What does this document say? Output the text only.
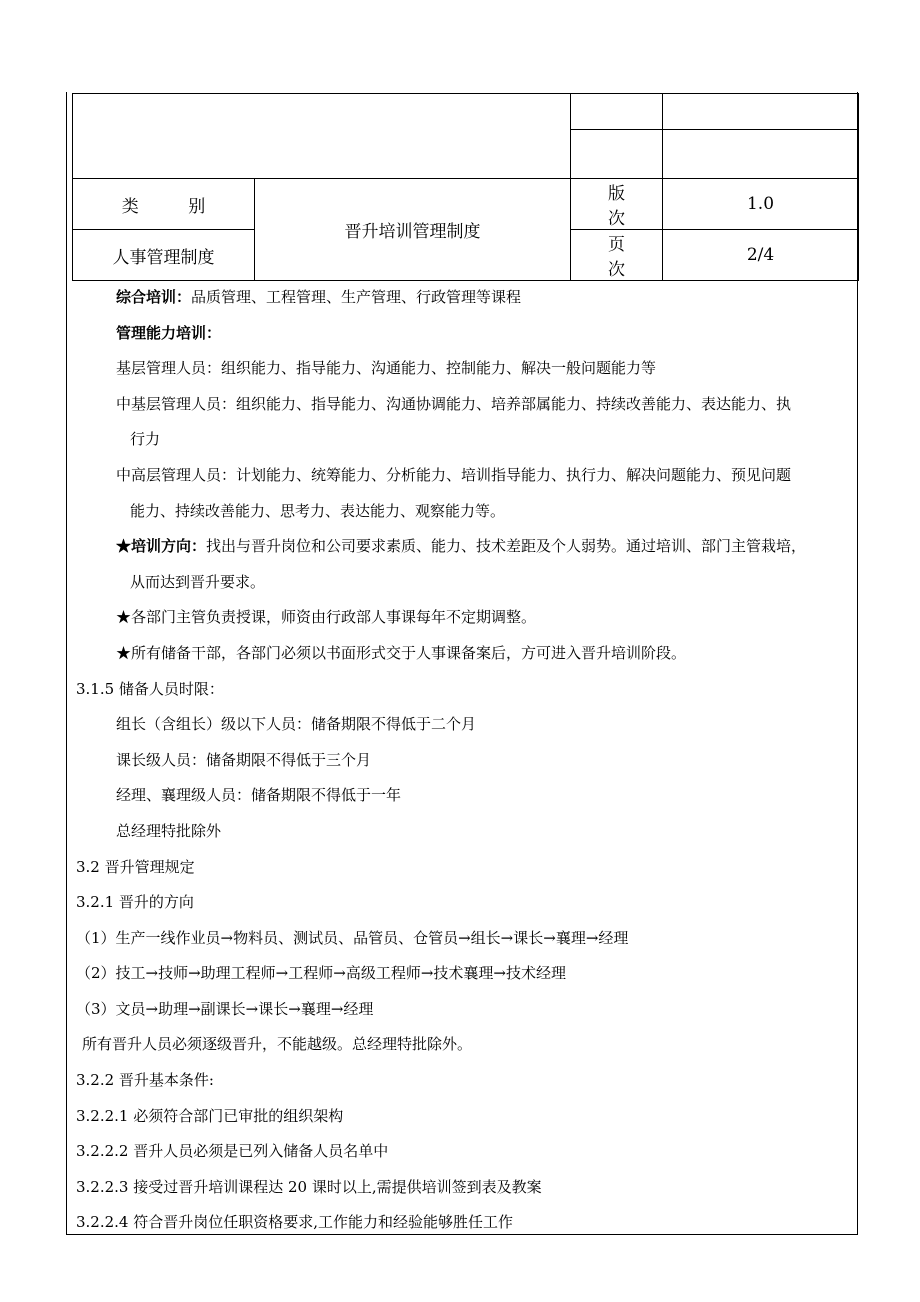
类 别	晋升培训管理制度	版 次	1.0
人事管理制度		页 次	2/4

综合培训：品质管理、工程管理、生产管理、行政管理等课程

管理能力培训：

基层管理人员：组织能力、指导能力、沟通能力、控制能力、解决一般问题能力等

中基层管理人员：组织能力、指导能力、沟通协调能力、培养部属能力、持续改善能力、表达能力、执

行力

中高层管理人员：计划能力、统筹能力、分析能力、培训指导能力、执行力、解决问题能力、预见问题

能力、持续改善能力、思考力、表达能力、观察能力等。

★培训方向：找出与晋升岗位和公司要求素质、能力、技术差距及个人弱势。通过培训、部门主管栽培，

从而达到晋升要求。

★各部门主管负责授课，师资由行政部人事课每年不定期调整。

★所有储备干部，各部门必须以书面形式交于人事课备案后，方可进入晋升培训阶段。

3.1.5 储备人员时限：

组长（含组长）级以下人员：储备期限不得低于二个月

课长级人员：储备期限不得低于三个月

经理、襄理级人员：储备期限不得低于一年

总经理特批除外

3.2 晋升管理规定

3.2.1 晋升的方向

（1）生产一线作业员→物料员、测试员、品管员、仓管员→组长→课长→襄理→经理

（2）技工→技师→助理工程师→工程师→高级工程师→技术襄理→技术经理

（3）文员→助理→副课长→课长→襄理→经理

所有晋升人员必须逐级晋升，不能越级。总经理特批除外。

3.2.2 晋升基本条件:

3.2.2.1 必须符合部门已审批的组织架构

3.2.2.2 晋升人员必须是已列入储备人员名单中

3.2.2.3 接受过晋升培训课程达 20 课时以上,需提供培训签到表及教案

3.2.2.4 符合晋升岗位任职资格要求,工作能力和经验能够胜任工作
